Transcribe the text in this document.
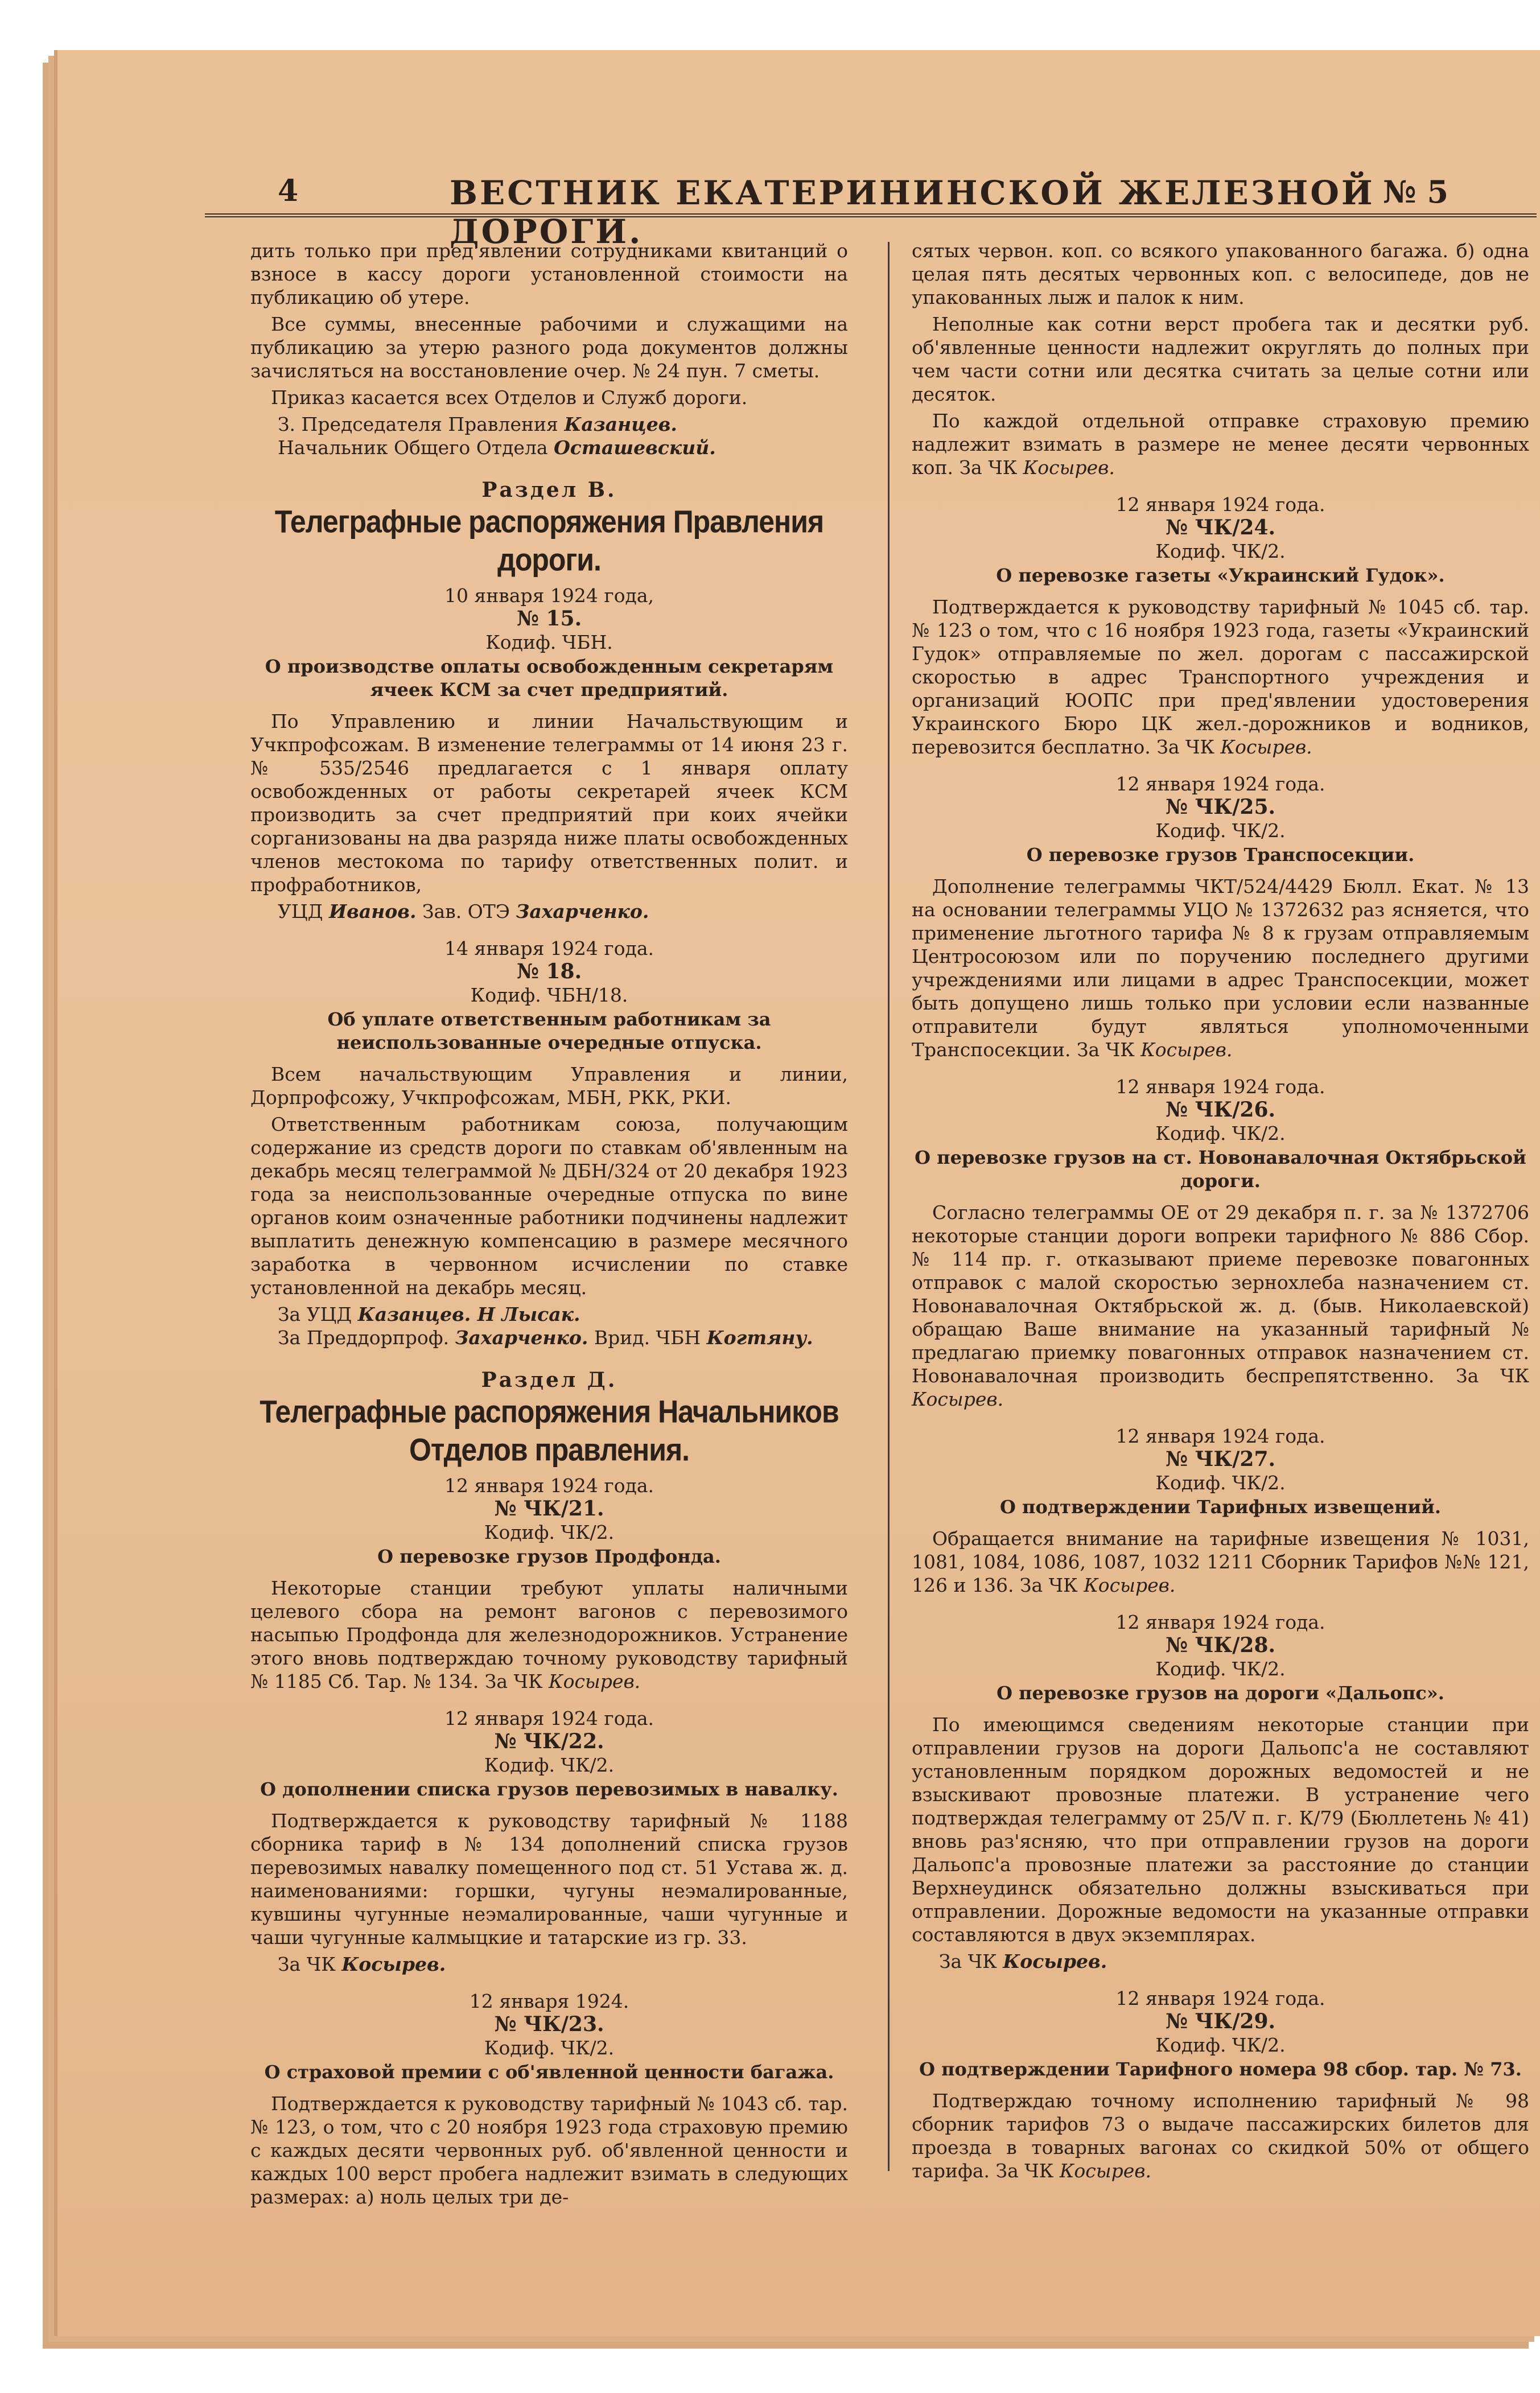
4	ВЕСТНИК ЕКАТЕРИНИНСКОЙ ЖЕЛЕЗНОЙ ДОРОГИ.
№ 5

дить только при пред'явлении сотрудниками квитанций о взносе в кассу дороги установленной стоимости на публикацию об утере.

Все суммы, внесенные рабочими и служащими на публикацию за утерю разного рода документов должны зачисляться на восстановление очер. № 24 пун. 7 сметы.

Приказ касается всех Отделов и Служб дороги.

З. Председателя Правления Казанцев.
Начальник Общего Отдела Осташевский.
Раздел В.
Телеграфные распоряжения Правления дороги.
10 января 1924 года,
№ 15.
Кодиф. ЧБН.
О производстве оплаты освобожденным секретарям ячеек КСМ за счет предприятий.

По Управлению и линии Начальствующим и Учкпрофсожам. В изменение телеграммы от 14 июня 23 г. № 535/2546 предлагается с 1 января оплату освобожденных от работы секретарей ячеек КСМ производить за счет предприятий при коих ячейки сорганизованы на два разряда ниже платы освобожденных членов местокома по тарифу ответственных полит. и профработников,

УЦД Иванов. Зав. ОТЭ Захарченко.
14 января 1924 года.
№ 18.
Кодиф. ЧБН/18.
Об уплате ответственным работникам за неиспользованные очередные отпуска.

Всем начальствующим Управления и линии, Дорпрофсожу, Учкпрофсожам, МБН, РКК, РКИ.

Ответственным работникам союза, получающим содержание из средств дороги по ставкам об'явленным на декабрь месяц телеграммой № ДБН/324 от 20 декабря 1923 года за неиспользованные очередные отпуска по вине органов коим означенные работники подчинены надлежит выплатить денежную компенсацию в размере месячного заработка в червонном исчислении по ставке установленной на декабрь месяц.

За УЦД Казанцев. Н Лысак.
За Преддорпроф. Захарченко. Врид. ЧБН Когтяну.
Раздел Д.
Телеграфные распоряжения Начальников Отделов правления.
12 января 1924 года.
№ ЧК/21.
Кодиф. ЧК/2.
О перевозке грузов Продфонда.

Некоторые станции требуют уплаты наличными целевого сбора на ремонт вагонов с перевозимого насыпью Продфонда для железнодорожников. Устранение этого вновь подтверждаю точному руководству тарифный № 1185 Сб. Тар. № 134. За ЧК Косырев.

12 января 1924 года.
№ ЧК/22.
Кодиф. ЧК/2.
О дополнении списка грузов перевозимых в навалку.

Подтверждается к руководству тарифный № 1188 сборника тариф в № 134 дополнений списка грузов перевозимых навалку помещенного под ст. 51 Устава ж. д. наименованиями: горшки, чугуны неэмалированные, кувшины чугунные неэмалированные, чаши чугунные и чаши чугунные калмыцкие и татарские из гр. 33.

За ЧК Косырев.
12 января 1924.
№ ЧК/23.
Кодиф. ЧК/2.
О страховой премии с об'явленной ценности багажа.

Подтверждается к руководству тарифный № 1043 сб. тар. № 123, о том, что с 20 ноября 1923 года страховую премию с каждых десяти червонных руб. об'явленной ценности и каждых 100 верст пробега надлежит взимать в следующих размерах: а) ноль целых три де-

сятых червон. коп. со всякого упакованного багажа. б) одна целая пять десятых червонных коп. с велосипеде, дов не упакованных лыж и палок к ним.

Неполные как сотни верст пробега так и десятки руб. об'явленные ценности надлежит округлять до полных при чем части сотни или десятка считать за целые сотни или десяток.

По каждой отдельной отправке страховую премию надлежит взимать в размере не менее десяти червонных коп. За ЧК Косырев.

12 января 1924 года.
№ ЧК/24.
Кодиф. ЧК/2.
О перевозке газеты «Украинский Гудок».

Подтверждается к руководству тарифный № 1045 сб. тар. № 123 о том, что с 16 ноября 1923 года, газеты «Украинский Гудок» отправляемые по жел. дорогам с пассажирской скоростью в адрес Транспортного учреждения и организаций ЮОПС при пред'явлении удостоверения Украинского Бюро ЦК жел.-дорожников и водников, перевозится бесплатно. За ЧК Косырев.

12 января 1924 года.
№ ЧК/25.
Кодиф. ЧК/2.
О перевозке грузов Транспосекции.

Дополнение телеграммы ЧКТ/524/4429 Бюлл. Екат. № 13 на основании телеграммы УЦО № 1372632 раз ясняется, что применение льготного тарифа № 8 к грузам отправляемым Центросоюзом или по поручению последнего другими учреждениями или лицами в адрес Транспосекции, может быть допущено лишь только при условии если названные отправители будут являться уполномоченными Транспосекции. За ЧК Косырев.

12 января 1924 года.
№ ЧК/26.
Кодиф. ЧК/2.
О перевозке грузов на ст. Новонавалочная Октябрьской дороги.

Согласно телеграммы ОЕ от 29 декабря п. г. за № 1372706 некоторые станции дороги вопреки тарифного № 886 Сбор. № 114 пр. г. отказывают приеме перевозке повагонных отправок с малой скоростью зернохлеба назначением ст. Новонавалочная Октябрьской ж. д. (быв. Николаевской) обращаю Ваше внимание на указанный тарифный № предлагаю приемку повагонных отправок назначением ст. Новонавалочная производить беспрепятственно. За ЧК Косырев.

12 января 1924 года.
№ ЧК/27.
Кодиф. ЧК/2.
О подтверждении Тарифных извещений.

Обращается внимание на тарифные извещения № 1031, 1081, 1084, 1086, 1087, 1032 1211 Сборник Тарифов №№ 121, 126 и 136. За ЧК Косырев.

12 января 1924 года.
№ ЧК/28.
Кодиф. ЧК/2.
О перевозке грузов на дороги «Дальопс».

По имеющимся сведениям некоторые станции при отправлении грузов на дороги Дальопс'а не составляют установленным порядком дорожных ведомостей и не взыскивают провозные платежи. В устранение чего подтверждая телеграмму от 25/V п. г. К/79 (Бюллетень № 41) вновь раз'ясняю, что при отправлении грузов на дороги Дальопс'а провозные платежи за расстояние до станции Верхнеудинск обязательно должны взыскиваться при отправлении. Дорожные ведомости на указанные отправки составляются в двух экземплярах.

За ЧК Косырев.
12 января 1924 года.
№ ЧК/29.
Кодиф. ЧК/2.
О подтверждении Тарифного номера 98 сбор. тар. № 73.

Подтверждаю точному исполнению тарифный № 98 сборник тарифов 73 о выдаче пассажирских билетов для проезда в товарных вагонах со скидкой 50% от общего тарифа. За ЧК Косырев.
